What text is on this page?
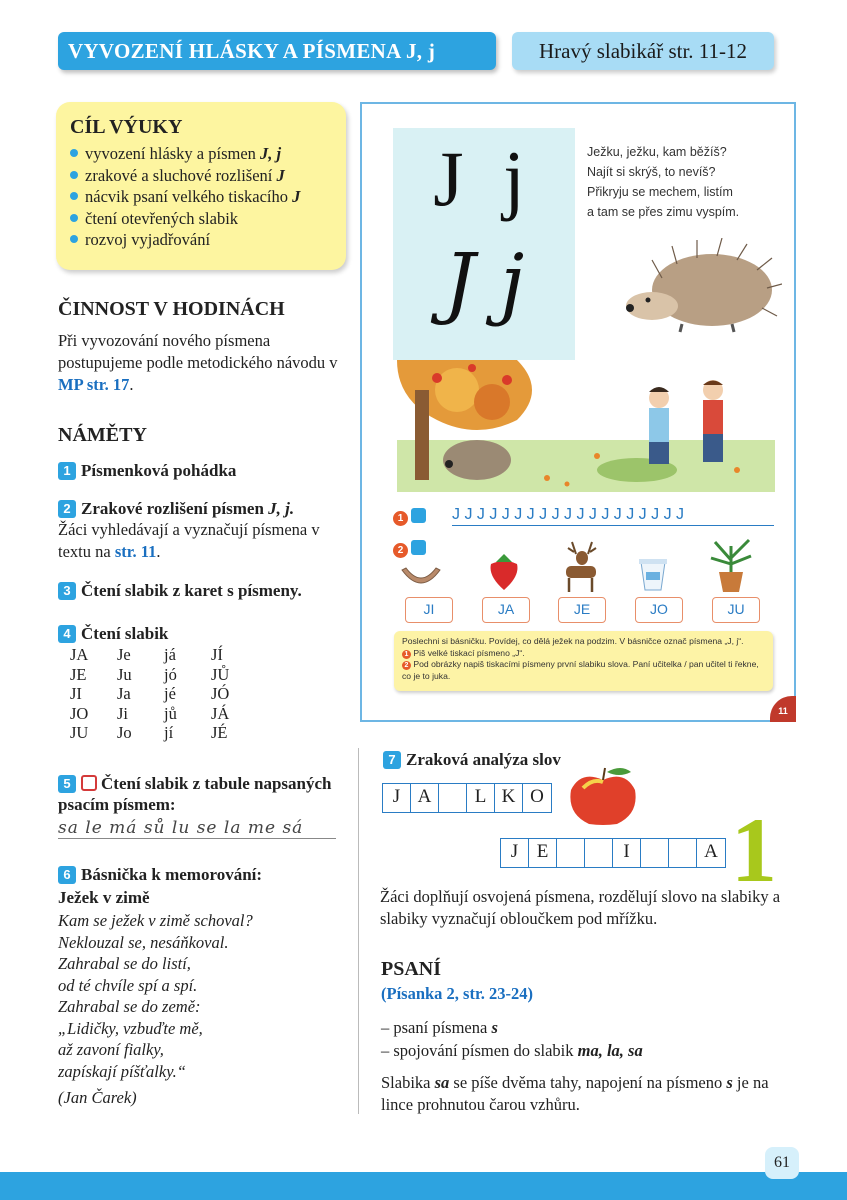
VYVOZENÍ HLÁSKY A PÍSMENA J, j	Hravý slabikář str. 11-12
CÍL VÝUKY
vyvození hlásky a písmen J, j
zrakové a sluchové rozlišení J
nácvik psaní velkého tiskacího J
čtení otevřených slabik
rozvoj vyjadřování
ČINNOST V HODINÁCH
Při vyvozování nového písmena postupujeme podle metodického návodu v MP str. 17.
NÁMĚTY
1 Písmenková pohádka
2 Zrakové rozlišení písmen J, j.
Žáci vyhledávají a vyznačují písmena v textu na str. 11.
3 Čtení slabik z karet s písmeny.
4 Čtení slabik
JA	Je	já	JÍ
JE	Ju	jó	JŮ
JI	Ja	jé	JÓ
JO	Ji	jů	JÁ
JU	Jo	jí	JÉ
5 Čtení slabik z tabule napsaných psacím písmem:
sa le má sů lu se la me sá
6 Básnička k memorování:
Ježek v zimě
Kam se ježek v zimě schoval?
Neklouzal se, nesáňkoval.
Zahrabal se do listí,
od té chvíle spí a spí.
Zahrabal se do země:
„Lidičky, vzbuďte mě,
až zavoní fialky,
zapískají píšťalky.“
(Jan Čarek)
J j
J j
Ježku, ježku, kam běžíš?
Najít si skrýš, to nevíš?
Přikryju se mechem, listím
a tam se přes zimu vyspím.
1	J J J J J J J J J J J J J J J J J J J
2
JI	JA	JE	JO	JU
Poslechni si básničku. Povídej, co dělá ježek na podzim. V básničce označ písmena „J, j“.
1 Piš velké tiskací písmeno „J“.
2 Pod obrázky napiš tiskacími písmeny první slabiku slova. Paní učitelka / pan učitel ti řekne, co je to juka.
11
7 Zraková analýza slov
J A	L K O
J E	I	A 1
Žáci doplňují osvojená písmena, rozdělují slovo na slabiky a slabiky vyznačují obloučkem pod mřížku.
PSANÍ
(Písanka 2, str. 23-24)
– psaní písmena s
– spojování písmen do slabik ma, la, sa
Slabika sa se píše dvěma tahy, napojení na písmeno s je na lince prohnutou čarou vzhůru.
61
